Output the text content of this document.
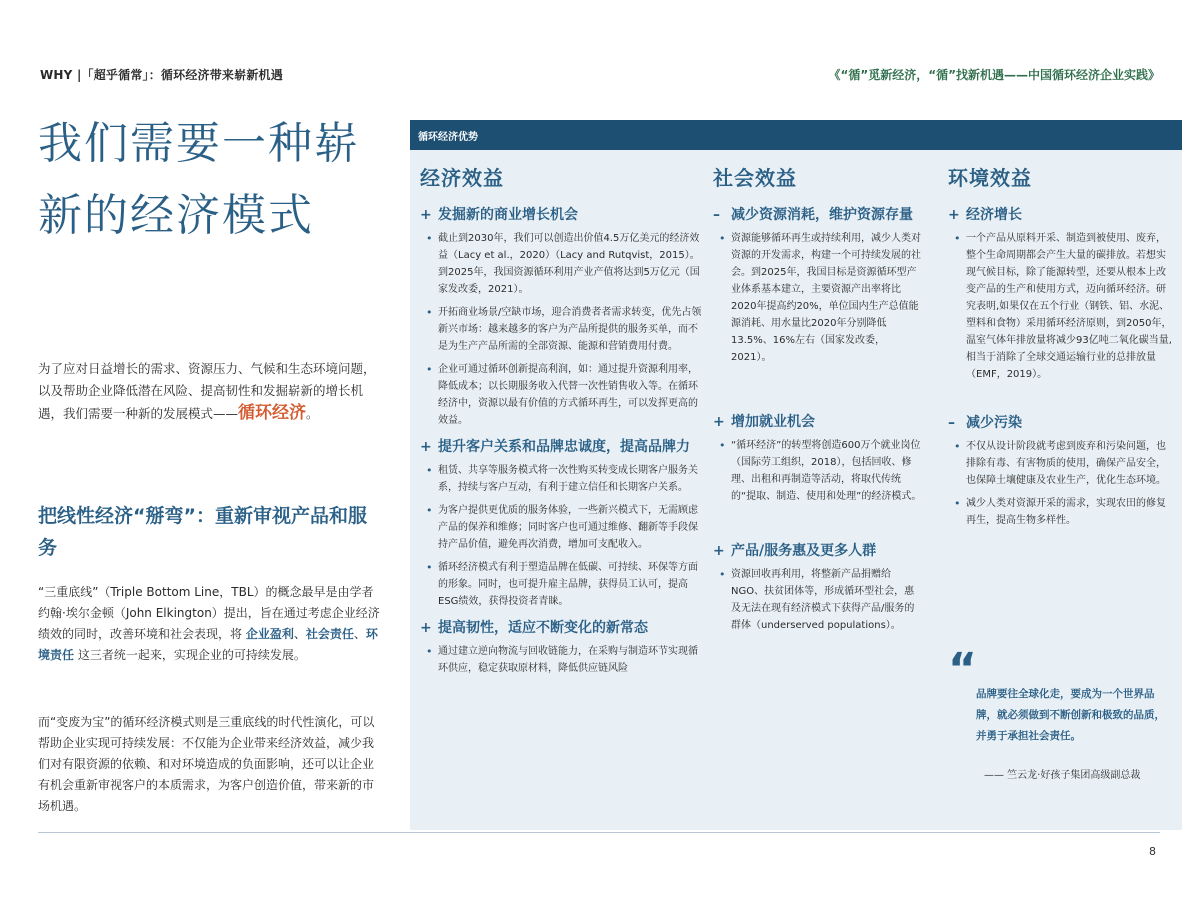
WHY |「超乎循常」：循环经济带来崭新机遇	《“循”觅新经济，“循”找新机遇——中国循环经济企业实践》
我们需要一种崭新的经济模式

为了应对日益增长的需求、资源压力、气候和生态环境问题，以及帮助企业降低潜在风险、提高韧性和发掘崭新的增长机遇，我们需要一种新的发展模式——循环经济。

把线性经济“掰弯”：重新审视产品和服务

“三重底线”（Triple Bottom Line，TBL）的概念最早是由学者约翰·埃尔金顿（John Elkington）提出，旨在通过考虑企业经济绩效的同时，改善环境和社会表现，将 企业盈利、社会责任、环境责任 这三者统一起来，实现企业的可持续发展。

而“变废为宝”的循环经济模式则是三重底线的时代性演化，可以帮助企业实现可持续发展：不仅能为企业带来经济效益，减少我们对有限资源的依赖、和对环境造成的负面影响，还可以让企业有机会重新审视客户的本质需求，为客户创造价值，带来新的市场机遇。

循环经济优势
经济效益
+ 发掘新的商业增长机会
• 截止到2030年，我们可以创造出价值4.5万亿美元的经济效益（Lacy et al.，2020）（Lacy and Rutqvist，2015）。到2025年，我国资源循环利用产业产值将达到5万亿元（国家发改委，2021）。
• 开拓商业场景/空缺市场，迎合消费者者需求转变，优先占领新兴市场：越来越多的客户为产品所提供的服务买单，而不是为生产产品所需的全部资源、能源和营销费用付费。
• 企业可通过循环创新提高利润，如：通过提升资源利用率，降低成本；以长期服务收入代替一次性销售收入等。在循环经济中，资源以最有价值的方式循环再生，可以发挥更高的效益。
+ 提升客户关系和品牌忠诚度，提高品牌力
• 租赁、共享等服务模式将一次性购买转变成长期客户服务关系，持续与客户互动，有利于建立信任和长期客户关系。
• 为客户提供更优质的服务体验，一些新兴模式下，无需顾虑产品的保养和维修；同时客户也可通过维修、翻新等手段保持产品价值，避免再次消费，增加可支配收入。
• 循环经济模式有利于塑造品牌在低碳、可持续、环保等方面的形象。同时，也可提升雇主品牌，获得员工认可，提高ESG绩效，获得投资者青睐。
+ 提高韧性，适应不断变化的新常态
• 通过建立逆向物流与回收链能力，在采购与制造环节实现循环供应，稳定获取原材料，降低供应链风险
社会效益
– 减少资源消耗，维护资源存量
• 资源能够循环再生或持续利用，减少人类对资源的开发需求，构建一个可持续发展的社会。到2025年，我国目标是资源循环型产业体系基本建立，主要资源产出率将比2020年提高约20%，单位国内生产总值能源消耗、用水量比2020年分别降低13.5%、16%左右（国家发改委，2021）。
+ 增加就业机会
• “循环经济”的转型将创造600万个就业岗位（国际劳工组织，2018），包括回收、修理、出租和再制造等活动，将取代传统的“提取、制造、使用和处理”的经济模式。
+ 产品/服务惠及更多人群
• 资源回收再利用，将整新产品捐赠给NGO、扶贫团体等，形成循环型社会，惠及无法在现有经济模式下获得产品/服务的群体（underserved populations）。
环境效益
+ 经济增长
• 一个产品从原料开采、制造到被使用、废弃，整个生命周期都会产生大量的碳排放。若想实现气候目标，除了能源转型，还要从根本上改变产品的生产和使用方式，迈向循环经济。研究表明,如果仅在五个行业（钢铁、铝、水泥、塑料和食物）采用循环经济原则，到2050年，温室气体年排放量将减少93亿吨二氧化碳当量,相当于消除了全球交通运输行业的总排放量（EMF，2019）。
– 减少污染
• 不仅从设计阶段就考虑到废弃和污染问题，也排除有毒、有害物质的使用，确保产品安全，也保障土壤健康及农业生产，优化生态环境。
• 减少人类对资源开采的需求，实现农田的修复再生，提高生物多样性。
“ 品牌要往全球化走，要成为一个世界品牌，就必须做到不断创新和极致的品质，并勇于承担社会责任。

—— 竺云龙·好孩子集团高级副总裁

8
